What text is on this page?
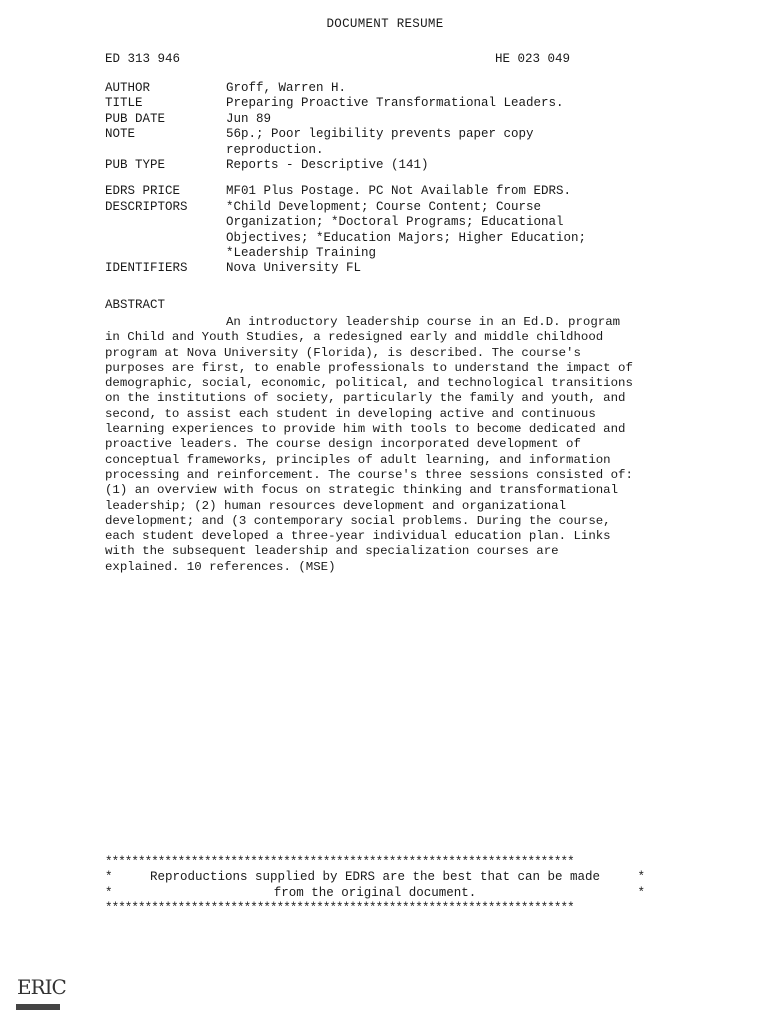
DOCUMENT RESUME
ED 313 946	HE 023 049
AUTHOR	Groff, Warren H.
TITLE	Preparing Proactive Transformational Leaders.
PUB DATE	Jun 89
NOTE	56p.; Poor legibility prevents paper copy
reproduction.
PUB TYPE	Reports - Descriptive (141)
EDRS PRICE	MF01 Plus Postage. PC Not Available from EDRS.
DESCRIPTORS	*Child Development; Course Content; Course
Organization; *Doctoral Programs; Educational
Objectives; *Education Majors; Higher Education;
*Leadership Training
IDENTIFIERS	Nova University FL
ABSTRACT
An introductory leadership course in an Ed.D. program in Child and Youth Studies, a redesigned early and middle childhood program at Nova University (Florida), is described. The course's purposes are first, to enable professionals to understand the impact of demographic, social, economic, political, and technological transitions on the institutions of society, particularly the family and youth, and second, to assist each student in developing active and continuous learning experiences to provide him with tools to become dedicated and proactive leaders. The course design incorporated development of conceptual frameworks, principles of adult learning, and information processing and reinforcement. The course's three sessions consisted of: (1) an overview with focus on strategic thinking and transformational leadership; (2) human resources development and organizational development; and (3 contemporary social problems. During the course, each student developed a three-year individual education plan. Links with the subsequent leadership and specialization courses are explained. 10 references. (MSE)
***********************************************************************
*	Reproductions supplied by EDRS are the best that can be made	*
*	from the original document.	*
***********************************************************************
ERIC
